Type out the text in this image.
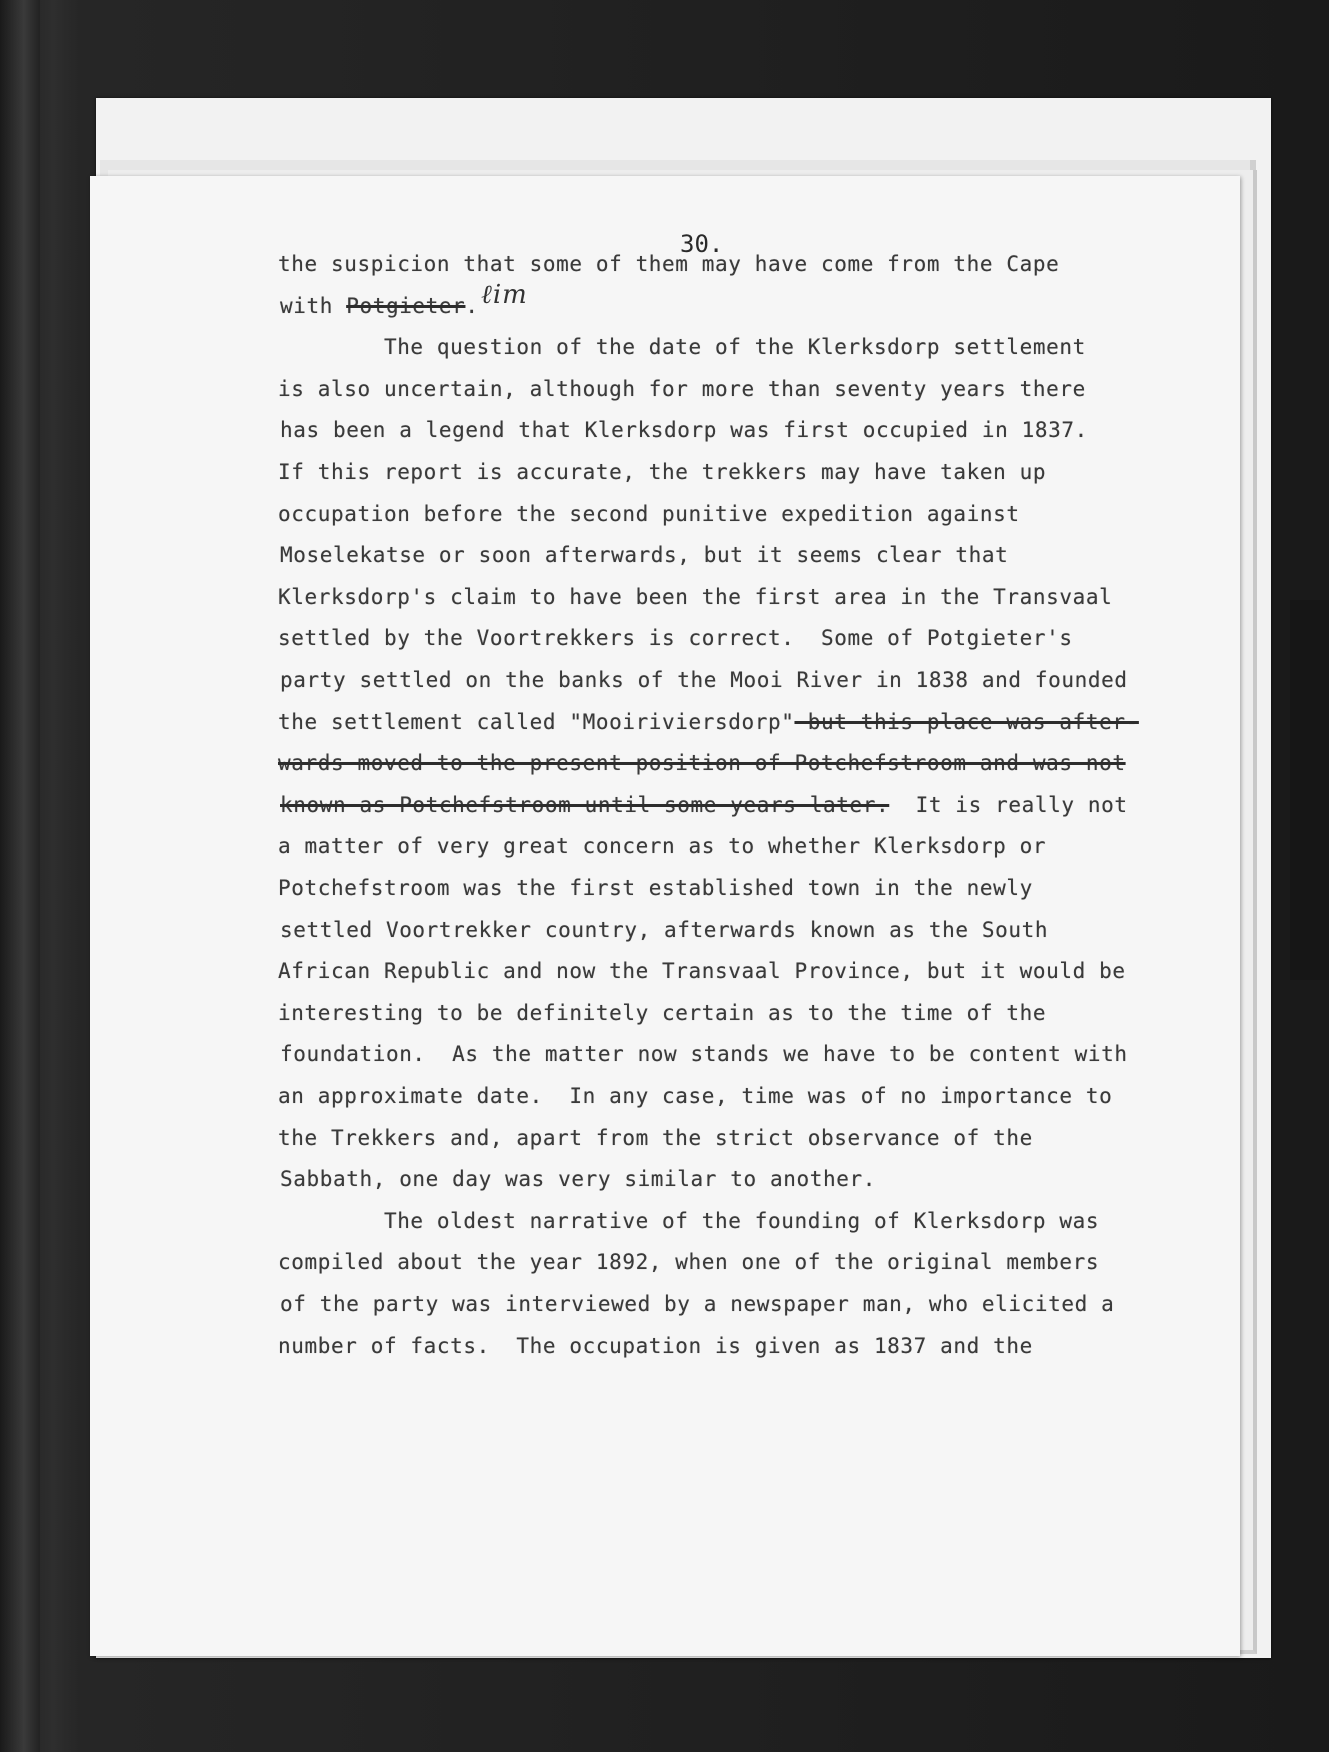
30.

the suspicion that some of them may have come from the Cape

with Potgieter.

The question of the date of the Klerksdorp settlement

is also uncertain, although for more than seventy years there

has been a legend that Klerksdorp was first occupied in 1837.

If this report is accurate, the trekkers may have taken up

occupation before the second punitive expedition against

Moselekatse or soon afterwards, but it seems clear that

Klerksdorp's claim to have been the first area in the Transvaal

settled by the Voortrekkers is correct.  Some of Potgieter's

party settled on the banks of the Mooi River in 1838 and founded

the settlement called "Mooiriviersdorp" but this place was after-

wards moved to the present position of Potchefstroom and was not

known as Potchefstroom until some years later.  It is really not

a matter of very great concern as to whether Klerksdorp or

Potchefstroom was the first established town in the newly

settled Voortrekker country, afterwards known as the South

African Republic and now the Transvaal Province, but it would be

interesting to be definitely certain as to the time of the

foundation.  As the matter now stands we have to be content with

an approximate date.  In any case, time was of no importance to

the Trekkers and, apart from the strict observance of the

Sabbath, one day was very similar to another.

The oldest narrative of the founding of Klerksdorp was

compiled about the year 1892, when one of the original members

of the party was interviewed by a newspaper man, who elicited a

number of facts.  The occupation is given as 1837 and the

ℓim
